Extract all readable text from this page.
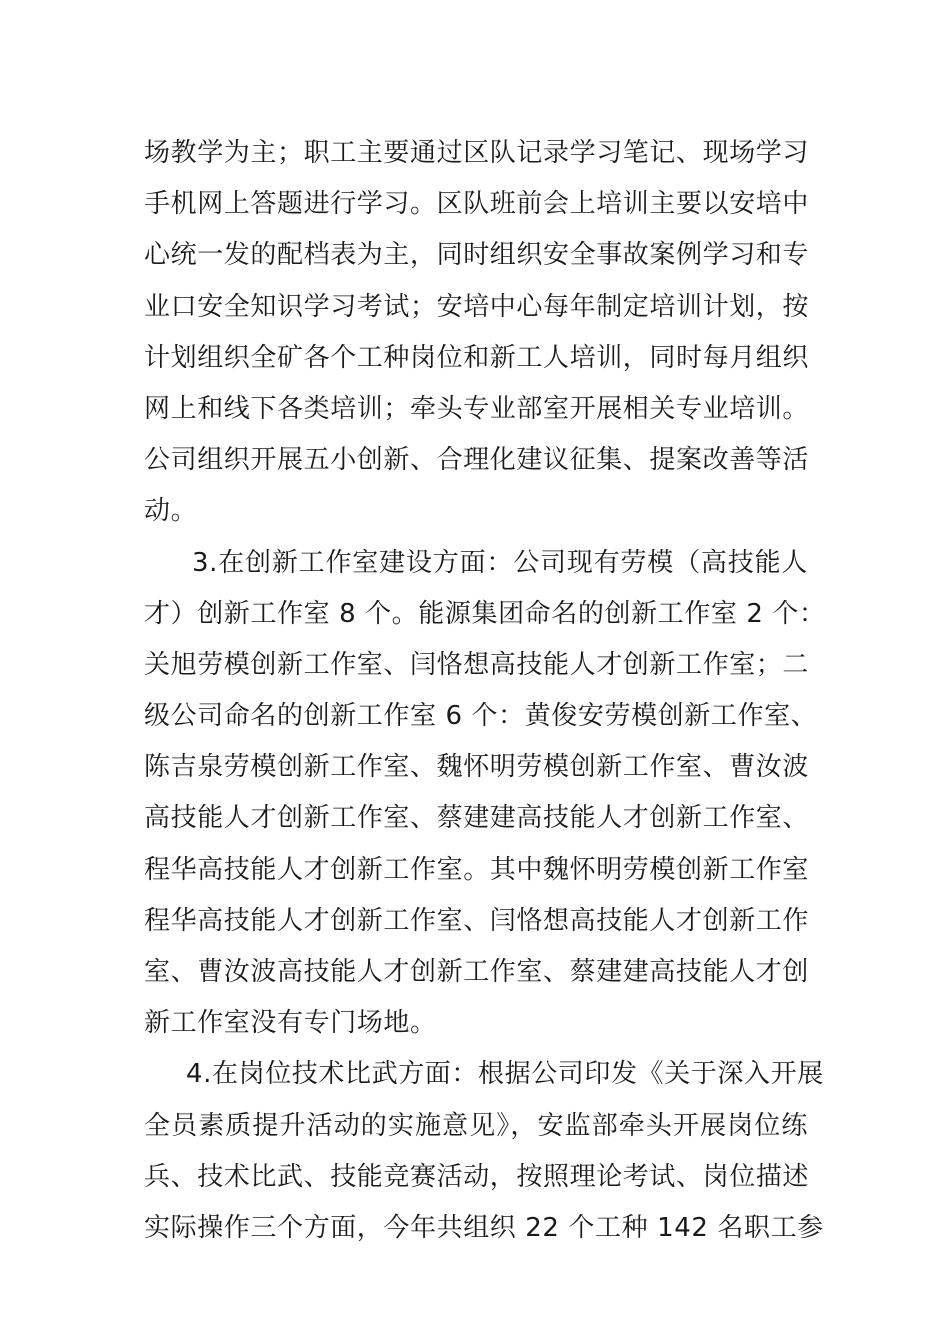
场教学为主；职工主要通过区队记录学习笔记、现场学习
手机网上答题进行学习。区队班前会上培训主要以安培中
心统一发的配档表为主，同时组织安全事故案例学习和专
业口安全知识学习考试；安培中心每年制定培训计划，按
计划组织全矿各个工种岗位和新工人培训，同时每月组织
网上和线下各类培训；牵头专业部室开展相关专业培训。
公司组织开展五小创新、合理化建议征集、提案改善等活
动。
3.在创新工作室建设方面：公司现有劳模（高技能人
才）创新工作室 8 个。能源集团命名的创新工作室 2 个：
关旭劳模创新工作室、闫恪想高技能人才创新工作室；二
级公司命名的创新工作室 6 个：黄俊安劳模创新工作室、
陈吉泉劳模创新工作室、魏怀明劳模创新工作室、曹汝波
高技能人才创新工作室、蔡建建高技能人才创新工作室、
程华高技能人才创新工作室。其中魏怀明劳模创新工作室
程华高技能人才创新工作室、闫恪想高技能人才创新工作
室、曹汝波高技能人才创新工作室、蔡建建高技能人才创
新工作室没有专门场地。
4.在岗位技术比武方面：根据公司印发《关于深入开展
全员素质提升活动的实施意见》，安监部牵头开展岗位练
兵、技术比武、技能竞赛活动，按照理论考试、岗位描述
实际操作三个方面，今年共组织 22 个工种 142 名职工参
